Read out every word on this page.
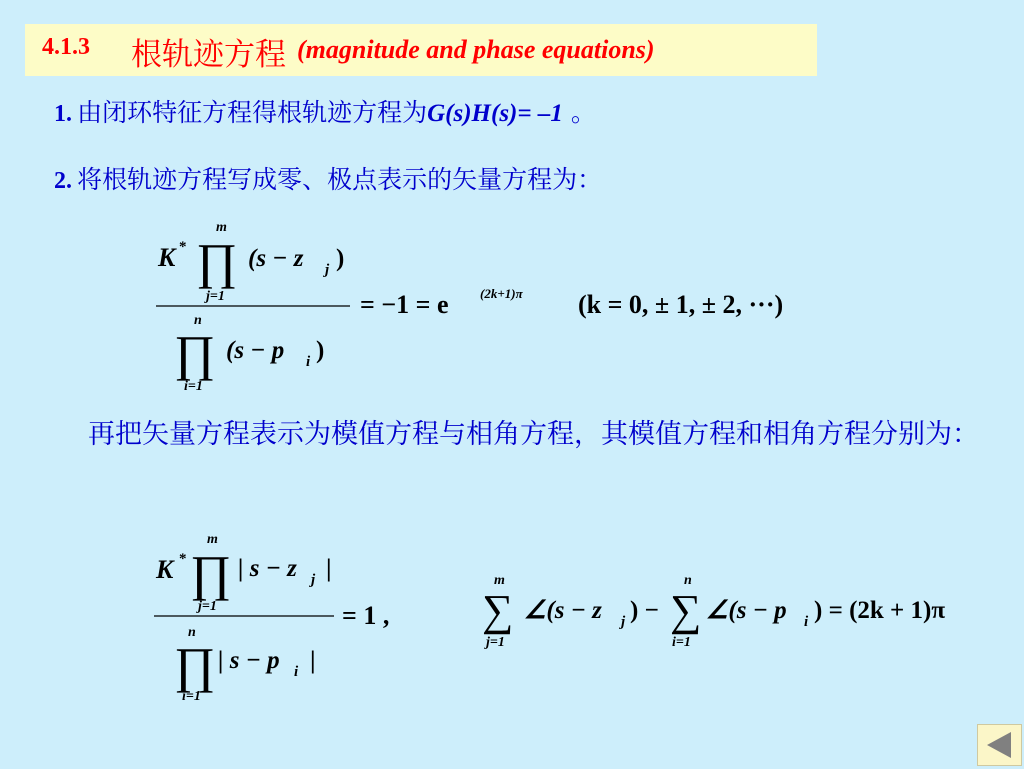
4.1.3 根轨迹方程 (magnitude and phase equations)
1. 由闭环特征方程得根轨迹方程为G(s)H(s)= –1 。
2. 将根轨迹方程写成零、极点表示的矢量方程为：
K *
m
∏
j=1
(s − z j )
n
∏
i=1
(s − p i )
= −1 = e (2k+1)π (k = 0, ± 1, ± 2, ···)
再把矢量方程表示为模值方程与相角方程，其模值方程和相角方程分别为：
K *
m
∏
j=1
| s − z j |
n
∏
i=1
| s − p i |
= 1 ,
m
∑
j=1
∠(s − z j ) −
n
∑
i=1
∠(s − p i ) = (2k + 1)π
